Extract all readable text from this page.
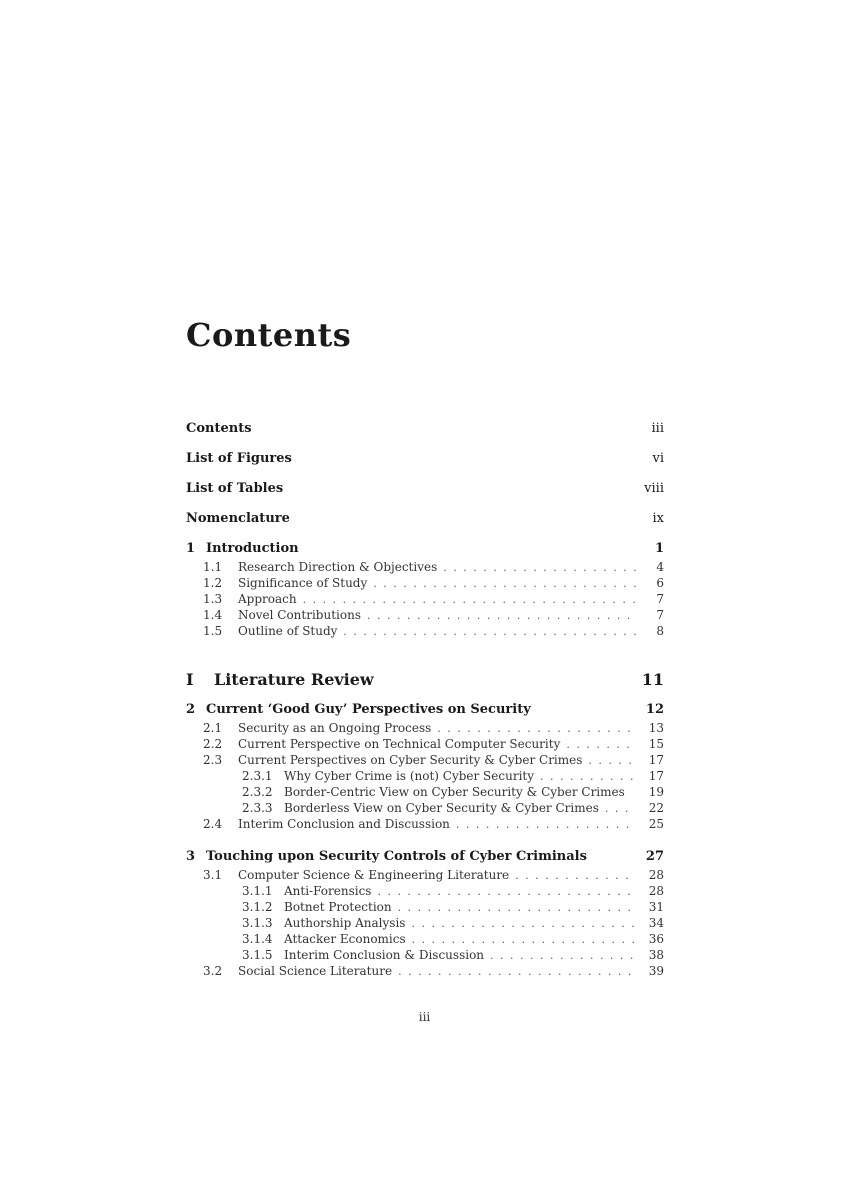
Contents
Contents	iii
List of Figures	vi
List of Tables	viii
Nomenclature	ix
1 Introduction	1
1.1	Research Direction & Objectives . . .	4
1.2	Significance of Study . . .	6
1.3	Approach . . .	7
1.4	Novel Contributions . . .	7
1.5	Outline of Study . . .	8
I	Literature Review	11
2 Current ‘Good Guy’ Perspectives on Security	12
2.1	Security as an Ongoing Process . . .	13
2.2	Current Perspective on Technical Computer Security . . .	15
2.3	Current Perspectives on Cyber Security & Cyber Crimes . . .	17
2.3.1 Why Cyber Crime is (not) Cyber Security . . .	17
2.3.2 Border-Centric View on Cyber Security & Cyber Crimes	19
2.3.3 Borderless View on Cyber Security & Cyber Crimes . . .	22
2.4	Interim Conclusion and Discussion . . .	25
3 Touching upon Security Controls of Cyber Criminals	27
3.1	Computer Science & Engineering Literature . . .	28
3.1.1 Anti-Forensics . . .	28
3.1.2 Botnet Protection . . .	31
3.1.3 Authorship Analysis . . .	34
3.1.4 Attacker Economics . . .	36
3.1.5 Interim Conclusion & Discussion . . .	38
3.2	Social Science Literature . . .	39
iii
